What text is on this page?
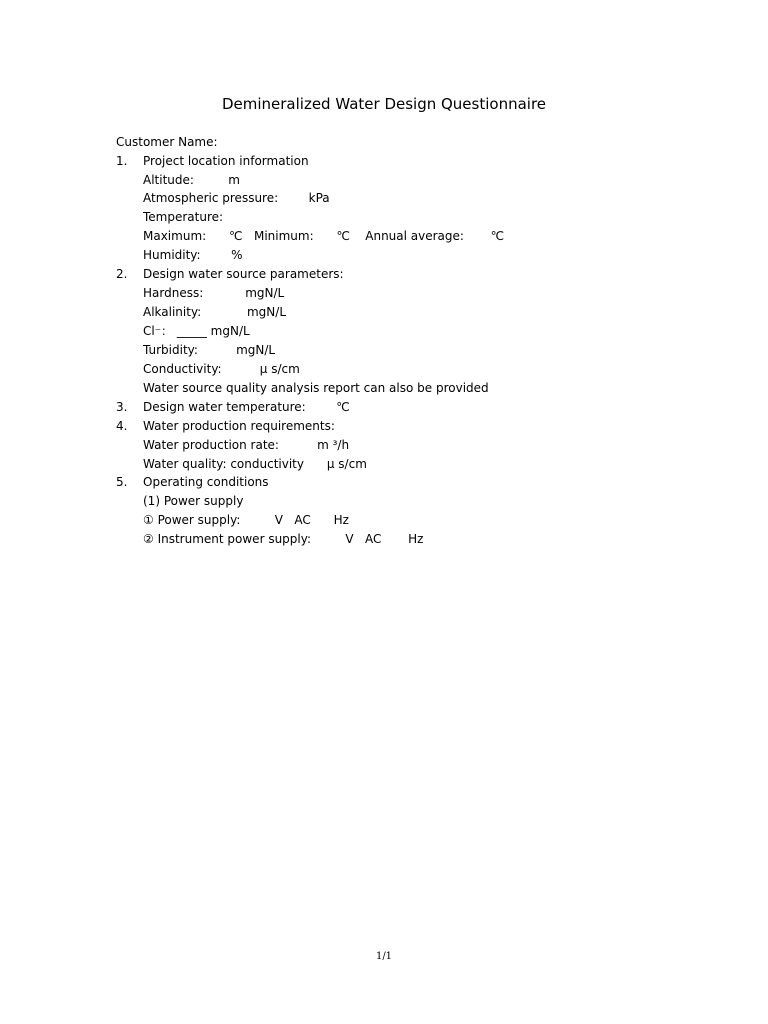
Demineralized Water Design Questionnaire
Customer Name:
1. Project location information
Altitude:         m
Atmospheric pressure:        kPa
Temperature:
Maximum:      ℃   Minimum:      ℃    Annual average:       ℃
Humidity:        %
2. Design water source parameters:
Hardness:           mgN/L
Alkalinity:            mgN/L
Cl⁻： _____ mgN/L
Turbidity:          mgN/L
Conductivity:          μ s/cm
Water source quality analysis report can also be provided
3. Design water temperature:        ℃
4. Water production requirements:
Water production rate:          m ³/h
Water quality: conductivity      μ s/cm
5. Operating conditions
(1) Power supply
① Power supply:         V   AC      Hz
② Instrument power supply:         V   AC       Hz
1/1
